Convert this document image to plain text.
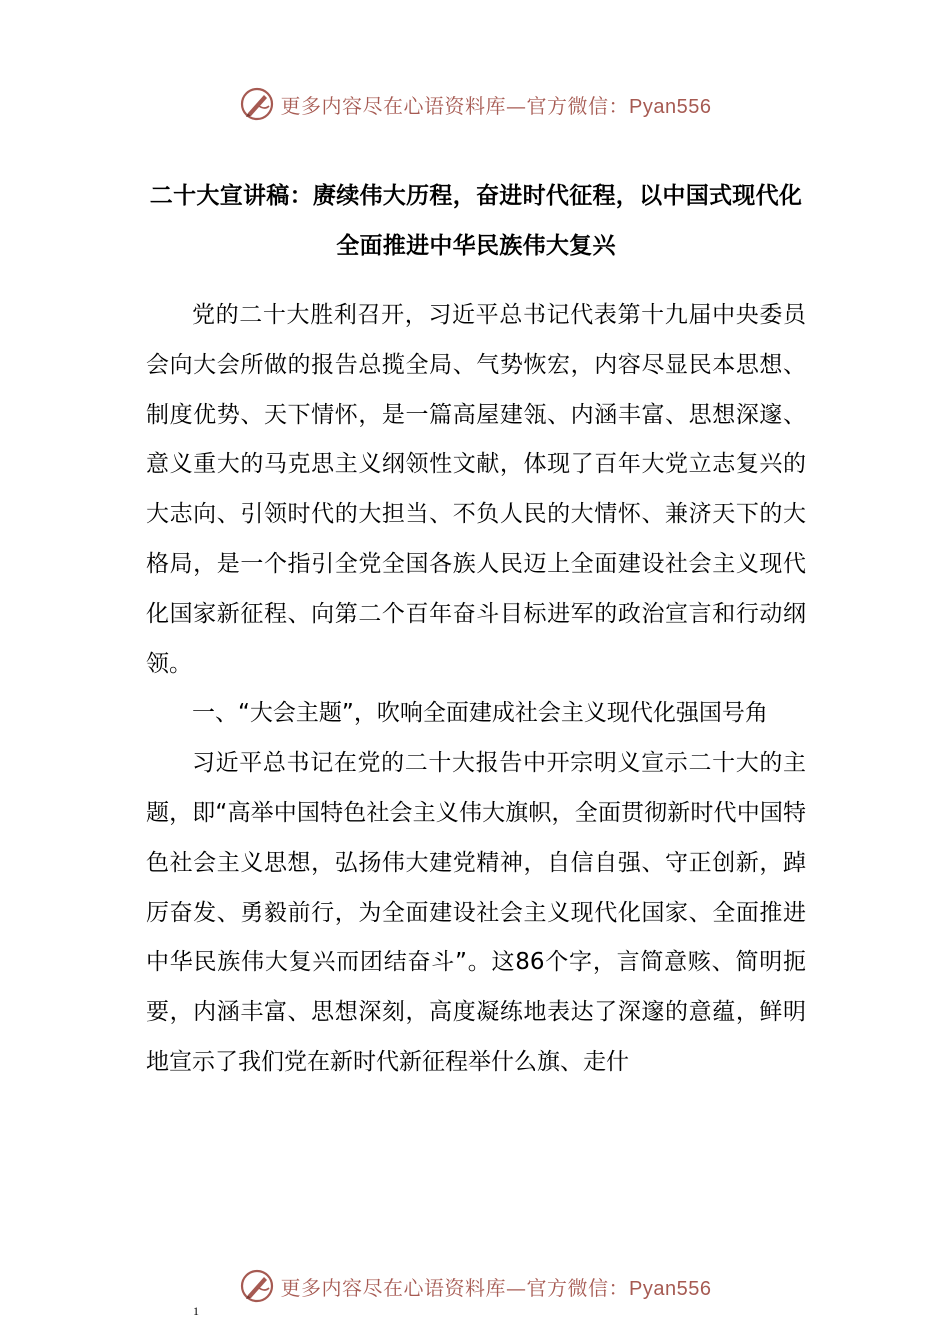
更多内容尽在心语资料库—官方微信：Pyan556
二十大宣讲稿：赓续伟大历程，奋进时代征程，以中国式现代化全面推进中华民族伟大复兴

党的二十大胜利召开，习近平总书记代表第十九届中央委员会向大会所做的报告总揽全局、气势恢宏，内容尽显民本思想、制度优势、天下情怀，是一篇高屋建瓴、内涵丰富、思想深邃、意义重大的马克思主义纲领性文献，体现了百年大党立志复兴的大志向、引领时代的大担当、不负人民的大情怀、兼济天下的大格局，是一个指引全党全国各族人民迈上全面建设社会主义现代化国家新征程、向第二个百年奋斗目标进军的政治宣言和行动纲领。

一、“大会主题”，吹响全面建成社会主义现代化强国号角

习近平总书记在党的二十大报告中开宗明义宣示二十大的主题，即“高举中国特色社会主义伟大旗帜，全面贯彻新时代中国特色社会主义思想，弘扬伟大建党精神，自信自强、守正创新，踔厉奋发、勇毅前行，为全面建设社会主义现代化国家、全面推进中华民族伟大复兴而团结奋斗”。这86个字，言简意赅、简明扼要，内涵丰富、思想深刻，高度凝练地表达了深邃的意蕴，鲜明地宣示了我们党在新时代新征程举什么旗、走什

更多内容尽在心语资料库—官方微信：Pyan556
1
